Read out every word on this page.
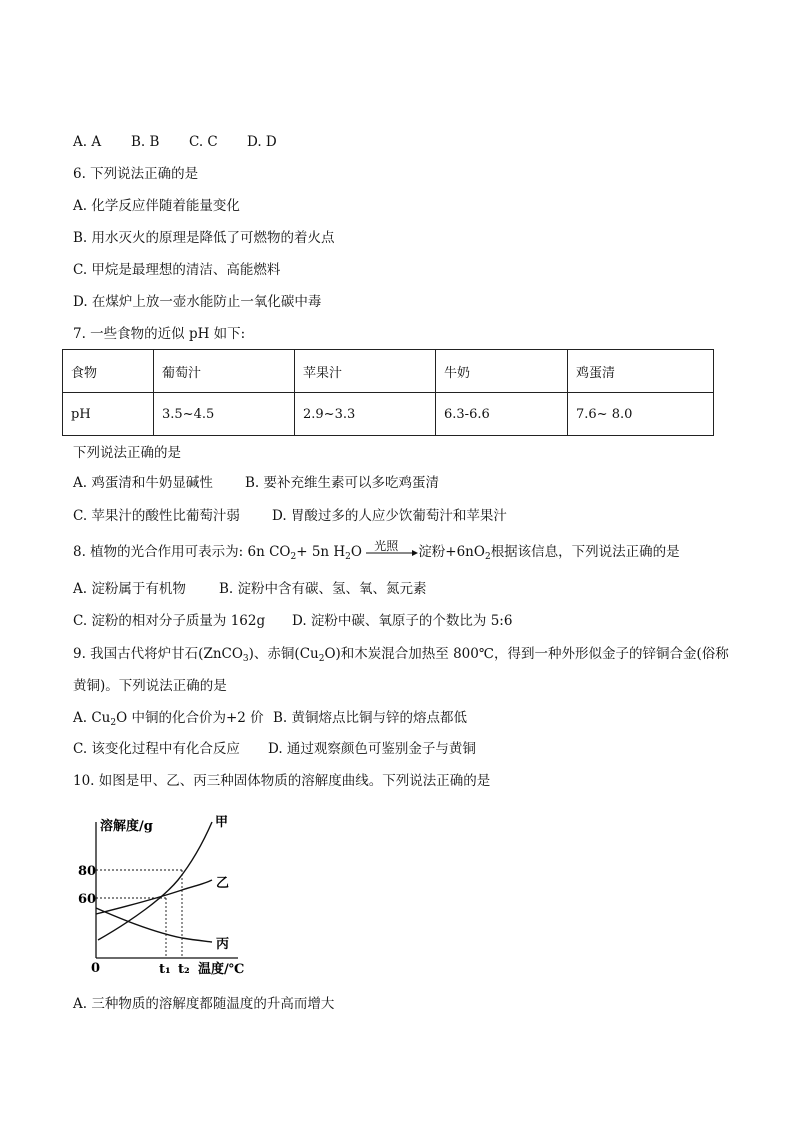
A. A B. B C. C D. D
6. 下列说法正确的是
A. 化学反应伴随着能量变化
B. 用水灭火的原理是降低了可燃物的着火点
C. 甲烷是最理想的清洁、高能燃料
D. 在煤炉上放一壶水能防止一氧化碳中毒
7. 一些食物的近似 pH 如下:
食物	葡萄汁	苹果汁	牛奶	鸡蛋清
pH	3.5~4.5	2.9~3.3	6.3-6.6	7.6~ 8.0
下列说法正确的是
A. 鸡蛋清和牛奶显碱性 B. 要补充维生素可以多吃鸡蛋清
C. 苹果汁的酸性比葡萄汁弱 D. 胃酸过多的人应少饮葡萄汁和苹果汁
8. 植物的光合作用可表示为: 6n $CO_2+ 5n$ $H_2O$ 光照 淀粉$+6nO_2$根据该信息，下列说法正确的是
A. 淀粉属于有机物 B. 淀粉中含有碳、氢、氧、氮元素
C. 淀粉的相对分子质量为 162g D. 淀粉中碳、氧原子的个数比为 5:6
9. 我国古代将炉甘石(ZnCO$_3$)、赤铜$(Cu_2O)$和木炭混合加热至 800℃，得到一种外形似金子的锌铜合金(俗称
黄铜)。下列说法正确的是
A. $Cu_2O$ 中铜的化合价为+2 价 B. 黄铜熔点比铜与锌的熔点都低
C. 该变化过程中有化合反应 D. 通过观察颜色可鉴别金子与黄铜
10. 如图是甲、乙、丙三种固体物质的溶解度曲线。下列说法正确的是
溶解度/g
温度/℃
0
80
60
t₁ t₂
甲
乙
丙
A. 三种物质的溶解度都随温度的升高而增大
